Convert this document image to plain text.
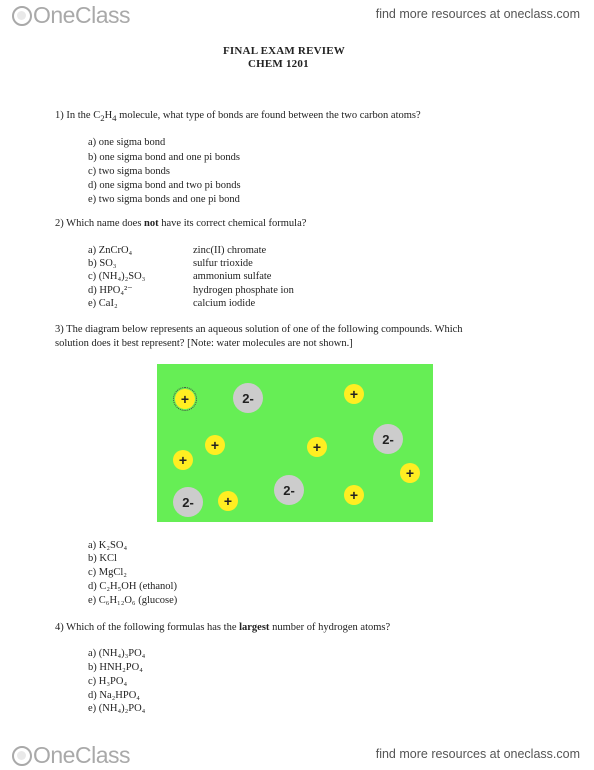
OneClass	find more resources at oneclass.com
FINAL EXAM REVIEW
CHEM 1201
1) In the $C_2H_4$ molecule, what type of bonds are found between the two carbon atoms?
a) one sigma bond
b) one sigma bond and one pi bonds
c) two sigma bonds
d) one sigma bond and two pi bonds
e) two sigma bonds and one pi bond
2) Which name does not have its correct chemical formula?
a) ZnCrO₄	zinc(II) chromate
b) SO₃	sulfur trioxide
c) (NH₄)₂SO₃	ammonium sulfate
d) HPO₄²⁻	hydrogen phosphate ion
e) CaI₂	calcium iodide
3) The diagram below represents an aqueous solution of one of the following compounds. Which
solution does it best represent? [Note: water molecules are not shown.]
+	2-	+
+	+	2-
+
+
2-	+
2-	+
a) K₂SO₄
b) KCl
c) MgCl₂
d) C₂H₅OH (ethanol)
e) C₆H₁₂O₆ (glucose)
4) Which of the following formulas has the largest number of hydrogen atoms?
a) (NH₄)₃PO₄
b) HNH₂PO₄
c) H₃PO₄
d) Na₂HPO₄
e) (NH₄)₂PO₄
OneClass	find more resources at oneclass.com
